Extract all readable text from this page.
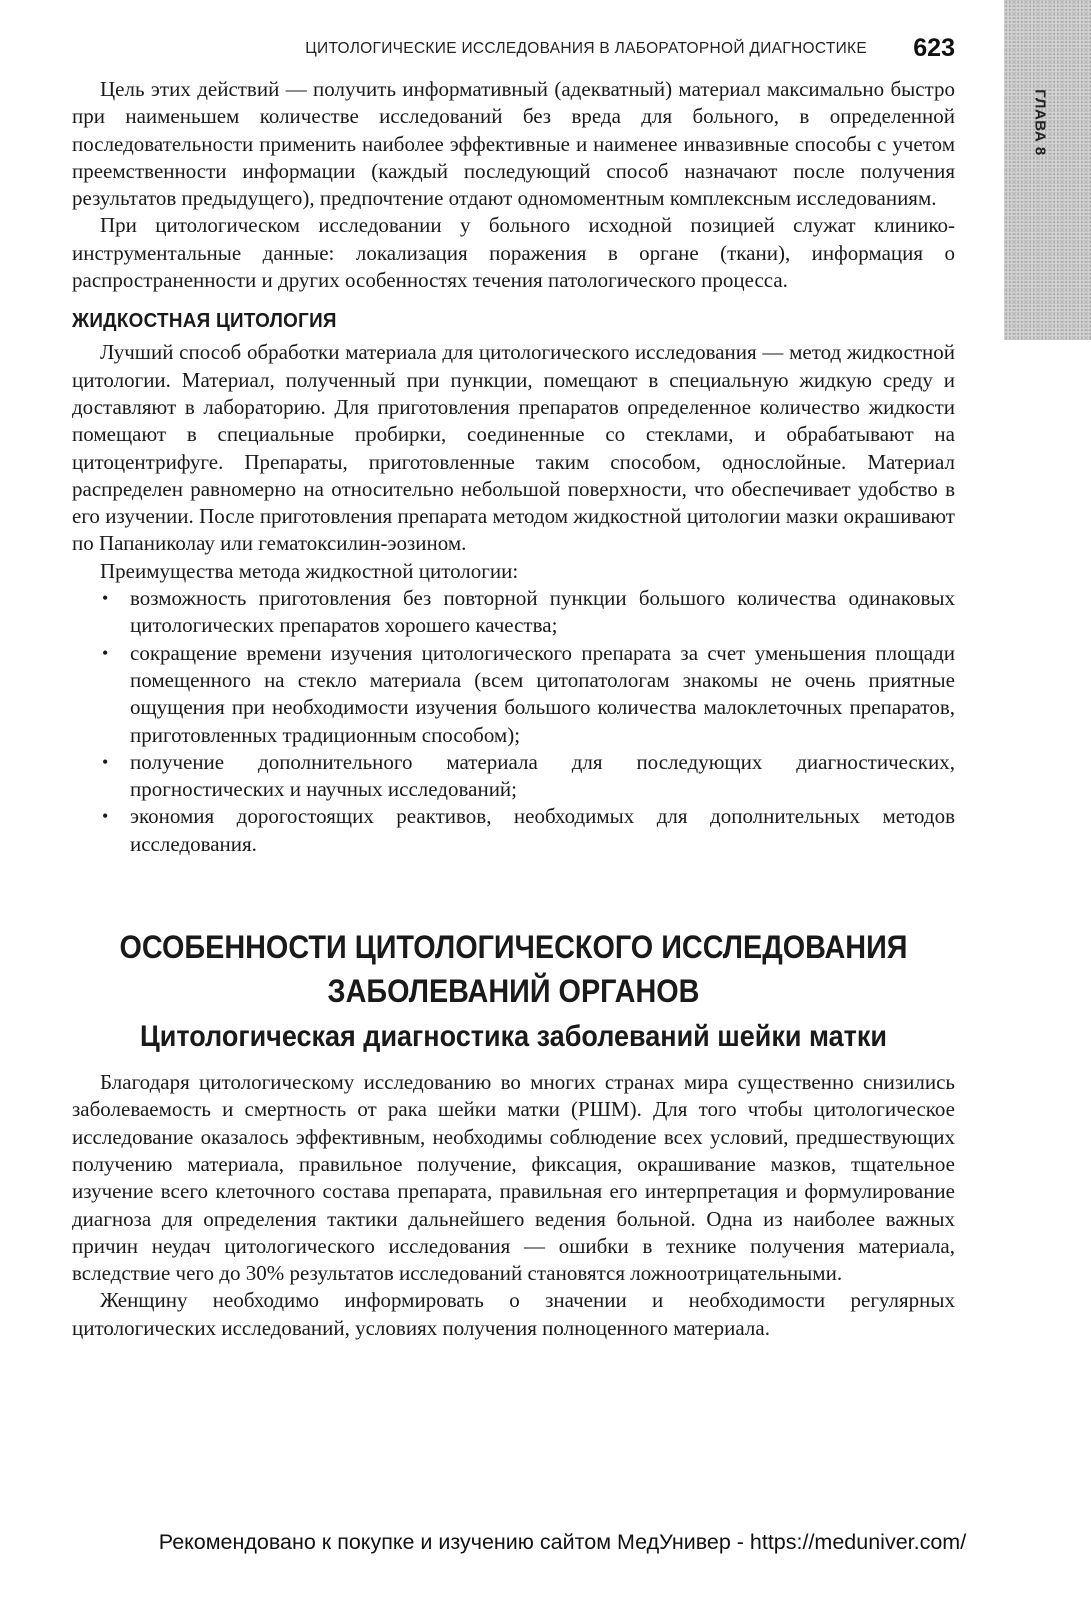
ГЛАВА 8
ЦИТОЛОГИЧЕСКИЕ ИССЛЕДОВАНИЯ В ЛАБОРАТОРНОЙ ДИАГНОСТИКЕ 623

Цель этих действий — получить информативный (адекватный) материал максимально быстро при наименьшем количестве исследований без вреда для больного, в определенной последовательности применить наиболее эффективные и наименее инвазивные способы с учетом преемственности информации (каждый последующий способ назначают после получения результатов предыдущего), предпочтение отдают одномоментным комплексным исследованиям.

При цитологическом исследовании у больного исходной позицией служат клинико-инструментальные данные: локализация поражения в органе (ткани), информация о распространенности и других особенностях течения патологического процесса.

ЖИДКОСТНАЯ ЦИТОЛОГИЯ

Лучший способ обработки материала для цитологического исследования — метод жидкостной цитологии. Материал, полученный при пункции, помещают в специальную жидкую среду и доставляют в лабораторию. Для приготовления препаратов определенное количество жидкости помещают в специальные пробирки, соединенные со стеклами, и обрабатывают на цитоцентрифуге. Препараты, приготовленные таким способом, однослойные. Материал распределен равномерно на относительно небольшой поверхности, что обеспечивает удобство в его изучении. После приготовления препарата методом жидкостной цитологии мазки окрашивают по Папаниколау или гематоксилин-эозином.

Преимущества метода жидкостной цитологии:

• возможность приготовления без повторной пункции большого количества одинаковых цитологических препаратов хорошего качества;
• сокращение времени изучения цитологического препарата за счет уменьшения площади помещенного на стекло материала (всем цитопатологам знакомы не очень приятные ощущения при необходимости изучения большого количества малоклеточных препаратов, приготовленных традиционным способом);
• получение дополнительного материала для последующих диагностических, прогностических и научных исследований;
• экономия дорогостоящих реактивов, необходимых для дополнительных методов исследования.
ОСОБЕННОСТИ ЦИТОЛОГИЧЕСКОГО ИССЛЕДОВАНИЯ
ЗАБОЛЕВАНИЙ ОРГАНОВ
Цитологическая диагностика заболеваний шейки матки

Благодаря цитологическому исследованию во многих странах мира существенно снизились заболеваемость и смертность от рака шейки матки (РШМ). Для того чтобы цитологическое исследование оказалось эффективным, необходимы соблюдение всех условий, предшествующих получению материала, правильное получение, фиксация, окрашивание мазков, тщательное изучение всего клеточного состава препарата, правильная его интерпретация и формулирование диагноза для определения тактики дальнейшего ведения больной. Одна из наиболее важных причин неудач цитологического исследования — ошибки в технике получения материала, вследствие чего до 30% результатов исследований становятся ложноотрицательными.

Женщину необходимо информировать о значении и необходимости регулярных цитологических исследований, условиях получения полноценного материала.

Рекомендовано к покупке и изучению сайтом МедУнивер - https://meduniver.com/
